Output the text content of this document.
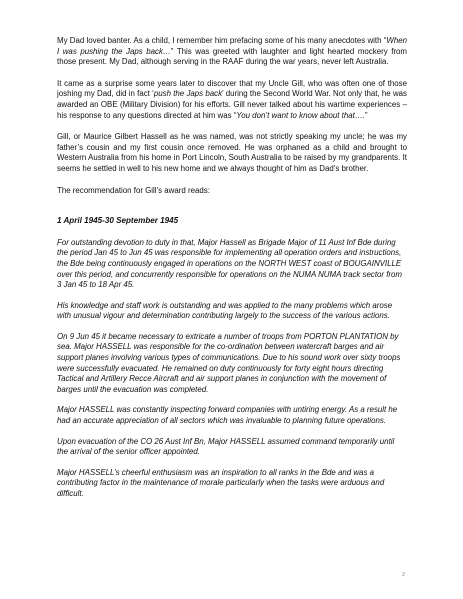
My Dad loved banter. As a child, I remember him prefacing some of his many anecdotes with “When I was pushing the Japs back…” This was greeted with laughter and light hearted mockery from those present. My Dad, although serving in the RAAF during the war years, never left Australia.

It came as a surprise some years later to discover that my Uncle Gill, who was often one of those joshing my Dad, did in fact ‘push the Japs back’ during the Second World War. Not only that, he was awarded an OBE (Military Division) for his efforts. Gill never talked about his wartime experiences – his response to any questions directed at him was “You don’t want to know about that….”

Gill, or Maurice Gilbert Hassell as he was named, was not strictly speaking my uncle; he was my father’s cousin and my first cousin once removed. He was orphaned as a child and brought to Western Australia from his home in Port Lincoln, South Australia to be raised by my grandparents. It seems he settled in well to his new home and we always thought of him as Dad’s brother.

The recommendation for Gill’s award reads:

1 April 1945-30 September 1945

For outstanding devotion to duty in that, Major Hassell as Brigade Major of 11 Aust Inf Bde during the period Jan 45 to Jun 45 was responsible for implementing all operation orders and instructions, the Bde being continuously engaged in operations on the NORTH WEST coast of BOUGAINVILLE over this period, and concurrently responsible for operations on the NUMA NUMA track sector from 3 Jan 45 to 18 Apr 45.

His knowledge and staff work is outstanding and was applied to the many problems which arose with unusual vigour and determination contributing largely to the success of the various actions.

On 9 Jun 45 it became necessary to extricate a number of troops from PORTON PLANTATION by sea. Major HASSELL was responsible for the co-ordination between watercraft barges and air support planes involving various types of communications. Due to his sound work over sixty troops were successfully evacuated. He remained on duty continuously for forty eight hours directing Tactical and Artillery Recce Aircraft and air support planes in conjunction with the movement of barges until the evacuation was completed.

Major HASSELL was constantly inspecting forward companies with untiring energy. As a result he had an accurate appreciation of all sectors which was invaluable to planning future operations.

Upon evacuation of the CO 26 Aust Inf Bn, Major HASSELL assumed command temporarily until the arrival of the senior officer appointed.

Major HASSELL’s cheerful enthusiasm was an inspiration to all ranks in the Bde and was a contributing factor in the maintenance of morale particularly when the tasks were arduous and difficult.

2
